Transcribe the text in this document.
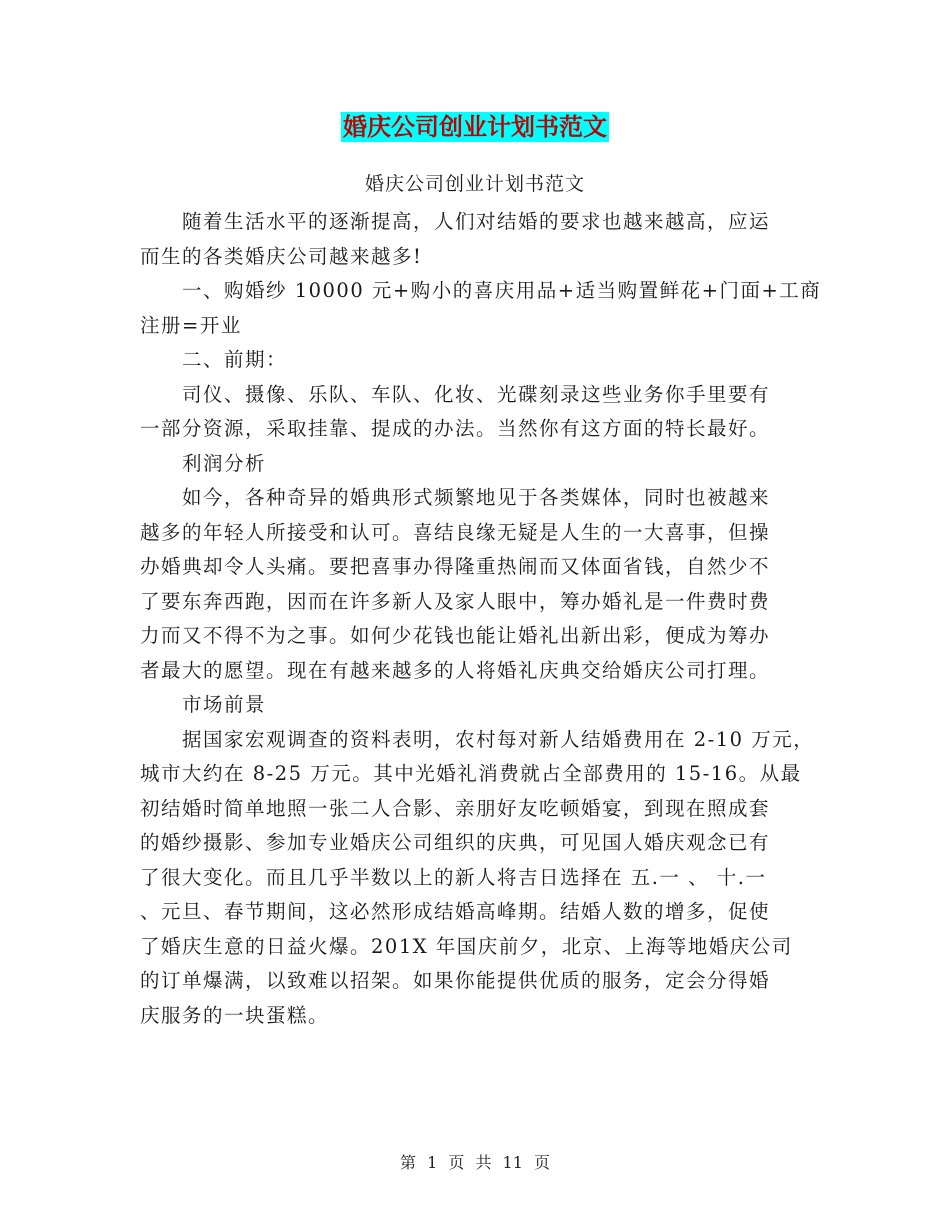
婚庆公司创业计划书范文
婚庆公司创业计划书范文
随着生活水平的逐渐提高，人们对结婚的要求也越来越高，应运
而生的各类婚庆公司越来越多!
一、购婚纱 10000 元+购小的喜庆用品+适当购置鲜花+门面+工商
注册=开业
二、前期：
司仪、摄像、乐队、车队、化妆、光碟刻录这些业务你手里要有
一部分资源，采取挂靠、提成的办法。当然你有这方面的特长最好。
利润分析
如今，各种奇异的婚典形式频繁地见于各类媒体，同时也被越来
越多的年轻人所接受和认可。喜结良缘无疑是人生的一大喜事，但操
办婚典却令人头痛。要把喜事办得隆重热闹而又体面省钱，自然少不
了要东奔西跑，因而在许多新人及家人眼中，筹办婚礼是一件费时费
力而又不得不为之事。如何少花钱也能让婚礼出新出彩，便成为筹办
者最大的愿望。现在有越来越多的人将婚礼庆典交给婚庆公司打理。
市场前景
据国家宏观调查的资料表明，农村每对新人结婚费用在 2-10 万元，
城市大约在 8-25 万元。其中光婚礼消费就占全部费用的 15-16。从最
初结婚时简单地照一张二人合影、亲朋好友吃顿婚宴，到现在照成套
的婚纱摄影、参加专业婚庆公司组织的庆典，可见国人婚庆观念已有
了很大变化。而且几乎半数以上的新人将吉日选择在 五.一 、 十.一
、元旦、春节期间，这必然形成结婚高峰期。结婚人数的增多，促使
了婚庆生意的日益火爆。201X 年国庆前夕，北京、上海等地婚庆公司
的订单爆满，以致难以招架。如果你能提供优质的服务，定会分得婚
庆服务的一块蛋糕。
第 1 页 共 11 页
